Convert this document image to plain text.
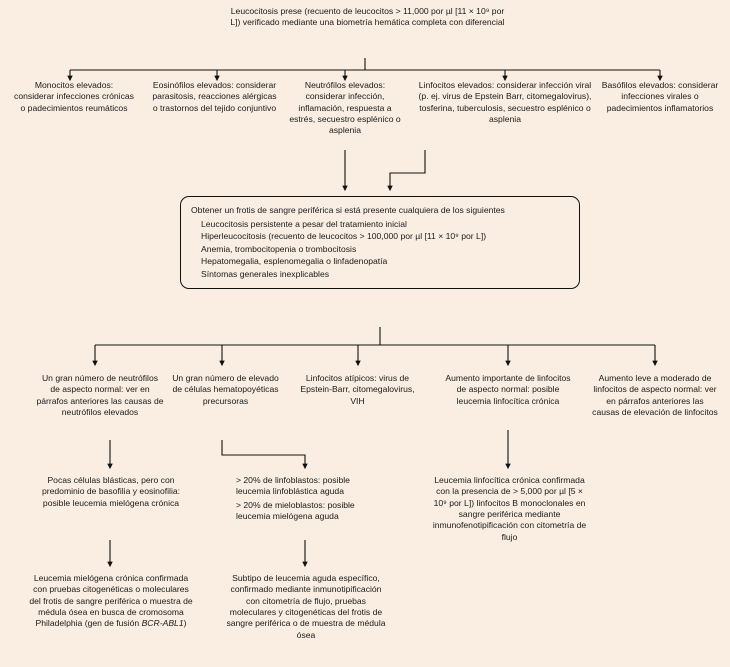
Leucocitosis prese (recuento de leucocitos > 11,000 por µl [11 × 10⁹ por L]) verificado mediante una biometría hemática completa con diferencial
Monocitos elevados: considerar infecciones crónicas o padecimientos reumáticos
Eosinófilos elevados: considerar parasitosis, reacciones alérgicas o trastornos del tejido conjuntivo
Neutrófilos elevados: considerar infección, inflamación, respuesta a estrés, secuestro esplénico o asplenia
Linfocitos elevados: considerar infección viral (p. ej. virus de Epstein Barr, citomegalovirus), tosferina, tuberculosis, secuestro esplénico o asplenia
Basófilos elevados: considerar infecciones virales o padecimientos inflamatorios

Obtener un frotis de sangre periférica si está presente cualquiera de los siguientes

Leucocitosis persistente a pesar del tratamiento inicial

Hiperleucocitosis (recuento de leucocitos > 100,000 por µl [11 × 10⁹ por L])

Anemia, trombocitopenia o trombocitosis

Hepatomegalia, esplenomegalia o linfadenopatía

Síntomas generales inexplicables

Un gran número de neutrófilos de aspecto normal: ver en párrafos anteriores las causas de neutrófilos elevados
Un gran número de elevado de células hematopoyéticas precursoras
Linfocitos atípicos: virus de Epstein-Barr, citomegalovirus, VIH
Aumento importante de linfocitos de aspecto normal: posible leucemia linfocítica crónica
Aumento leve a moderado de linfocitos de aspecto normal: ver en párrafos anteriores las causas de elevación de linfocitos
Pocas células blásticas, pero con predominio de basofilia y eosinofilia: posible leucemia mielógena crónica
> 20% de linfoblastos: posible leucemia linfoblástica aguda
> 20% de mieloblastos: posible leucemia mielógena aguda
Leucemia linfocítica crónica confirmada con la presencia de > 5,000 por µl [5 × 10⁹ por L]) linfocitos B monoclonales en sangre periférica mediante inmunofenotipificación con citometría de flujo
Leucemia mielógena crónica confirmada con pruebas citogenéticas o moleculares del frotis de sangre periférica o muestra de médula ósea en busca de cromosoma Philadelphia (gen de fusión BCR-ABL1)
Subtipo de leucemia aguda específico, confirmado mediante inmunotipificación con citometría de flujo, pruebas moleculares y citogenéticas del frotis de sangre periférica o de muestra de médula ósea
